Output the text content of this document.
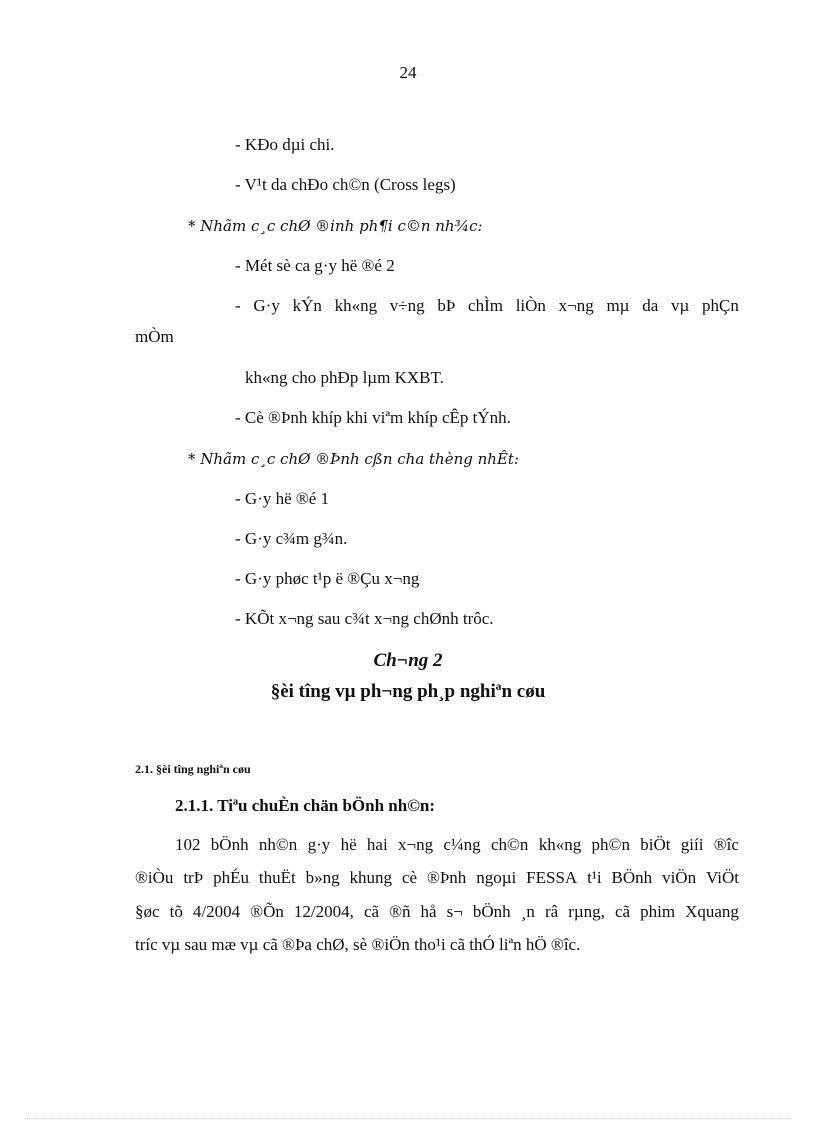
24
- KÐo dµi chi.
- V¹t da chÐo ch©n (Cross legs)
* Nhãm c¸c chØ ®inh ph¶i c©n nh¾c:
- Mét sè ca g·y hë ®é 2
- G·y kÝn kh«ng v÷ng bÞ chÌm liÒn x¬ng mµ da vµ phÇn
mÒm
kh«ng cho phÐp lµm KXBT.
- Cè ®Þnh khíp khi viªm khíp cÊp tÝnh.
* Nhãm c¸c chØ ®Þnh cßn cha thèng nhÊt:
- G·y hë ®é 1
- G·y c¾m g¾n.
- G·y phøc t¹p ë ®Çu x¬ng
- KÕt x¬ng sau c¾t x¬ng chØnh trôc.
Ch¬ng 2
§èi tîng vµ ph¬ng ph¸p nghiªn cøu
2.1. §èi tîng nghiªn cøu
2.1.1. Tiªu chuÈn chän bÖnh nh©n:
102 bÖnh nh©n g·y hë hai x¬ng c¼ng ch©n kh«ng ph©n biÖt giíi ®îc
®iÒu trÞ phÉu thuËt b»ng khung cè ®Þnh ngoµi FESSA t¹i BÖnh viÖn ViÖt
§øc tõ 4/2004 ®Õn 12/2004, cã ®ñ hå s¬ bÖnh ¸n râ rµng, cã phim Xquang
tríc vµ sau mæ vµ cã ®Þa chØ, sè ®iÖn tho¹i cã thÓ liªn hÖ ®îc.
